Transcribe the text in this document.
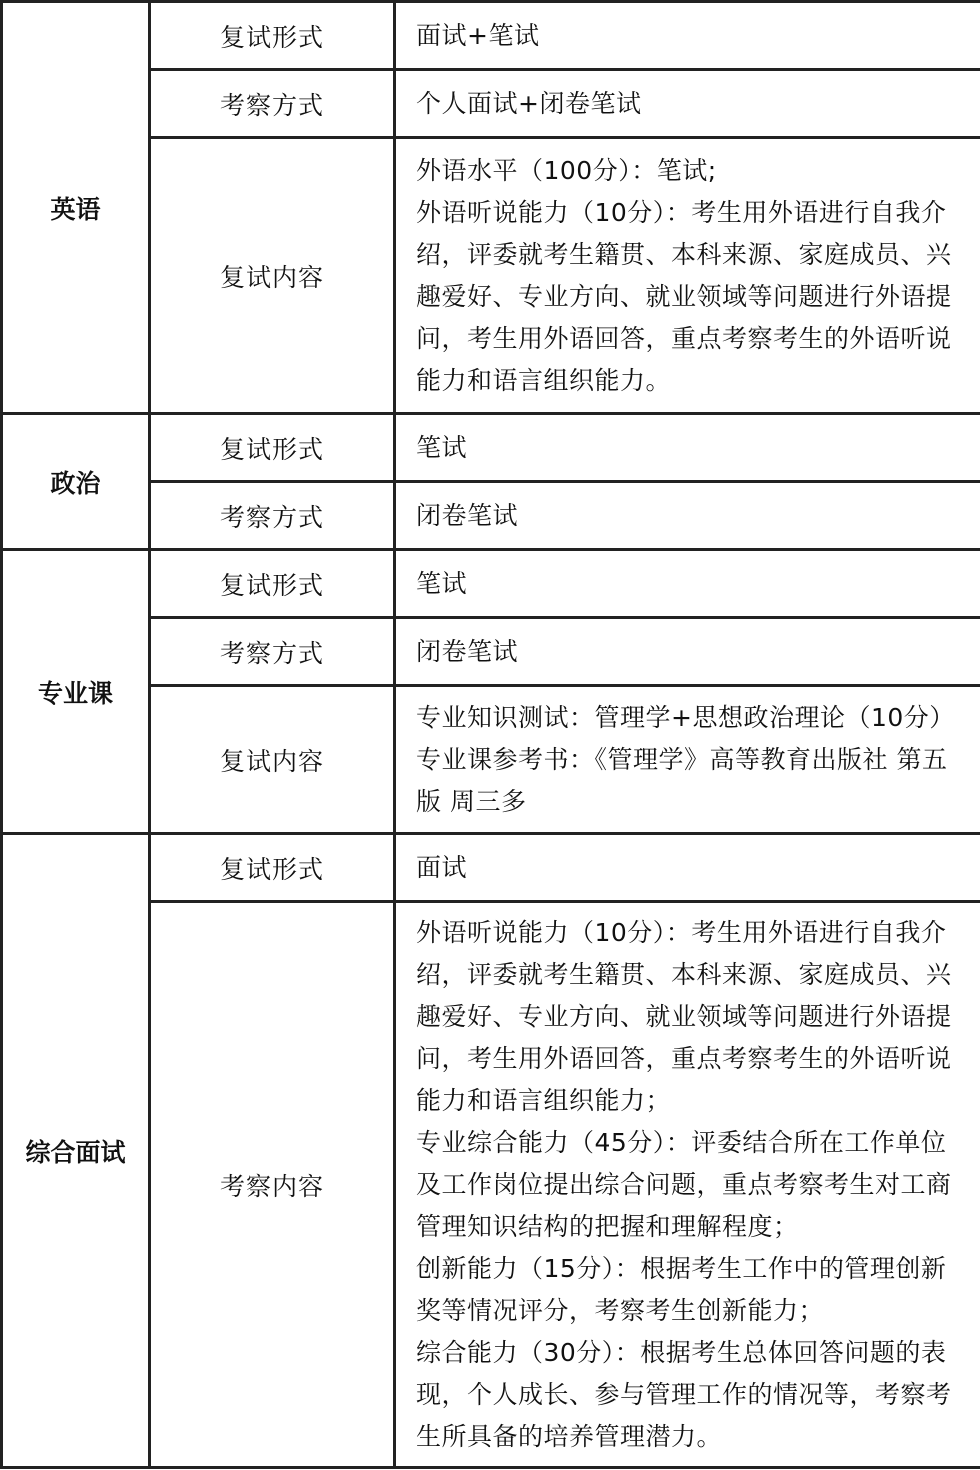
英语	复试形式	面试+笔试

	考察方式	个人面试+闭卷笔试

	复试内容	外语水平（100分）：笔试;
外语听说能力（10分）：考生用外语进行自我介绍，评委就考生籍贯、本科来源、家庭成员、兴趣爱好、专业方向、就业领域等问题进行外语提问，考生用外语回答，重点考察考生的外语听说能力和语言组织能力。

政治	复试形式	笔试

	考察方式	闭卷笔试

专业课	复试形式	笔试

	考察方式	闭卷笔试

	复试内容	专业知识测试：管理学+思想政治理论（10分）
专业课参考书：《管理学》高等教育出版社 第五版 周三多

综合面试	复试形式	面试

	考察内容	外语听说能力（10分）：考生用外语进行自我介绍，评委就考生籍贯、本科来源、家庭成员、兴趣爱好、专业方向、就业领域等问题进行外语提问，考生用外语回答，重点考察考生的外语听说能力和语言组织能力；
专业综合能力（45分）：评委结合所在工作单位及工作岗位提出综合问题，重点考察考生对工商管理知识结构的把握和理解程度；
创新能力（15分）：根据考生工作中的管理创新奖等情况评分，考察考生创新能力；
综合能力（30分）：根据考生总体回答问题的表现，个人成长、参与管理工作的情况等，考察考生所具备的培养管理潜力。
